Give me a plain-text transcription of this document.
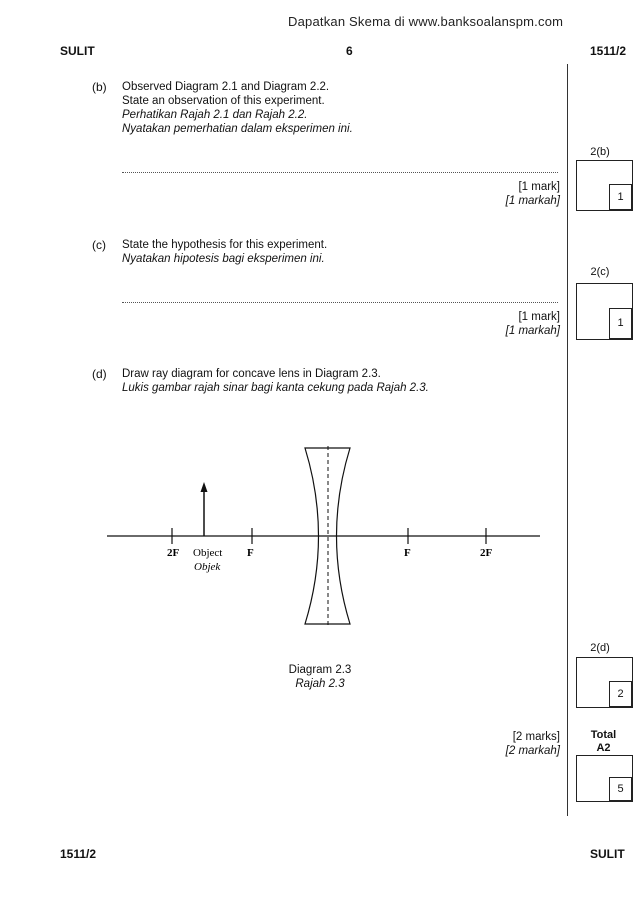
Dapatkan Skema di www.banksoalanspm.com
SULIT	6	1511/2
(b) Observed Diagram 2.1 and Diagram 2.2.
State an observation of this experiment.
Perhatikan Rajah 2.1 dan Rajah 2.2.
Nyatakan pemerhatian dalam eksperimen ini.
[1 mark]
[1 markah]
2(b)
1
(c) State the hypothesis for this experiment.
Nyatakan hipotesis bagi eksperimen ini.
[1 mark]
[1 markah]
2(c)
1
(d) Draw ray diagram for concave lens in Diagram 2.3.
Lukis gambar rajah sinar bagi kanta cekung pada Rajah 2.3.
2F Object
Objek
F	F	2F
Diagram 2.3
Rajah 2.3
[2 marks]
[2 markah]
2(d)
2
Total
A2
5
1511/2	SULIT
